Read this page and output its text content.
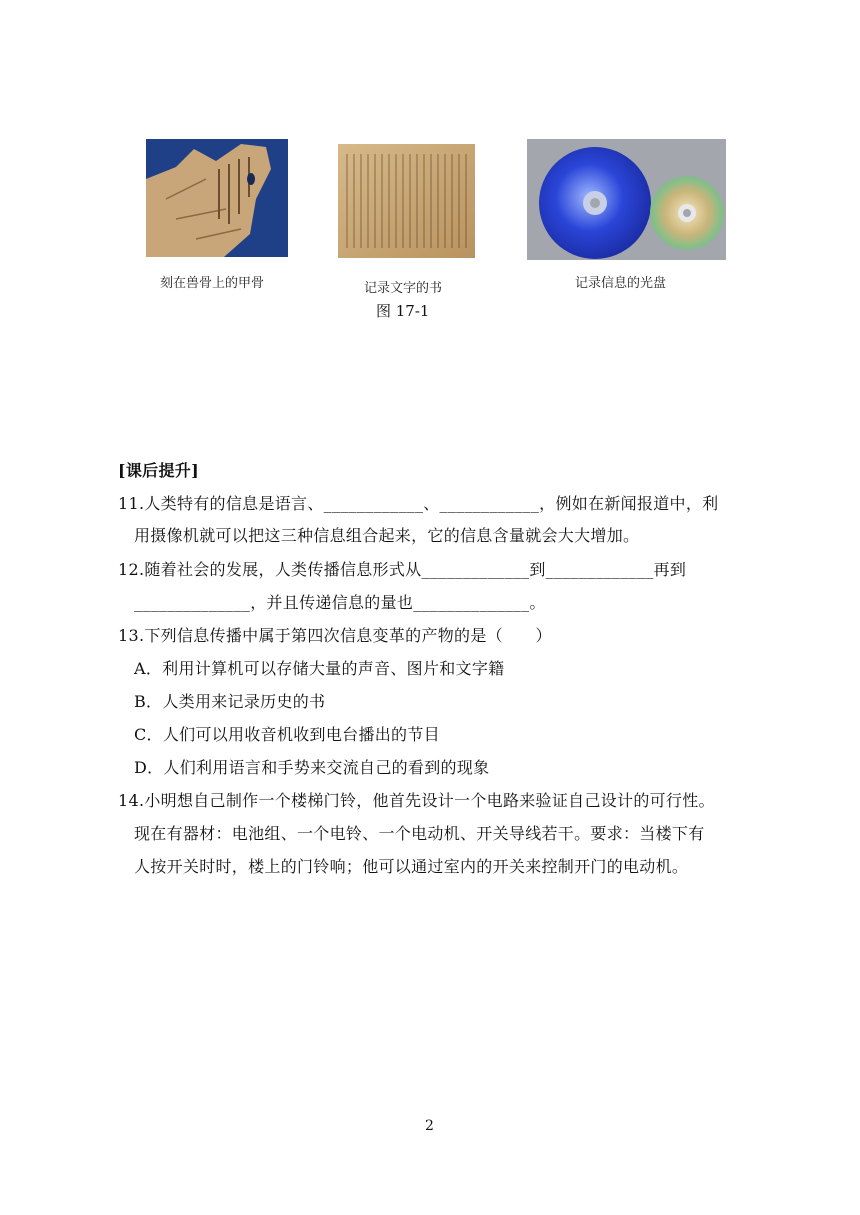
刻在兽骨上的甲骨	记录文字的书	记录信息的光盘
图 17-1
[课后提升]
11.人类特有的信息是语言、____________、____________，例如在新闻报道中，利
用摄像机就可以把这三种信息组合起来，它的信息含量就会大大增加。
12.随着社会的发展，人类传播信息形式从_____________到_____________再到
______________，并且传递信息的量也______________。
13.下列信息传播中属于第四次信息变革的产物的是（　　）
A．利用计算机可以存储大量的声音、图片和文字籍
B．人类用来记录历史的书
C．人们可以用收音机收到电台播出的节目
D．人们利用语言和手势来交流自己的看到的现象
14.小明想自己制作一个楼梯门铃，他首先设计一个电路来验证自己设计的可行性。
现在有器材：电池组、一个电铃、一个电动机、开关导线若干。要求：当楼下有
人按开关时时，楼上的门铃响；他可以通过室内的开关来控制开门的电动机。
2
